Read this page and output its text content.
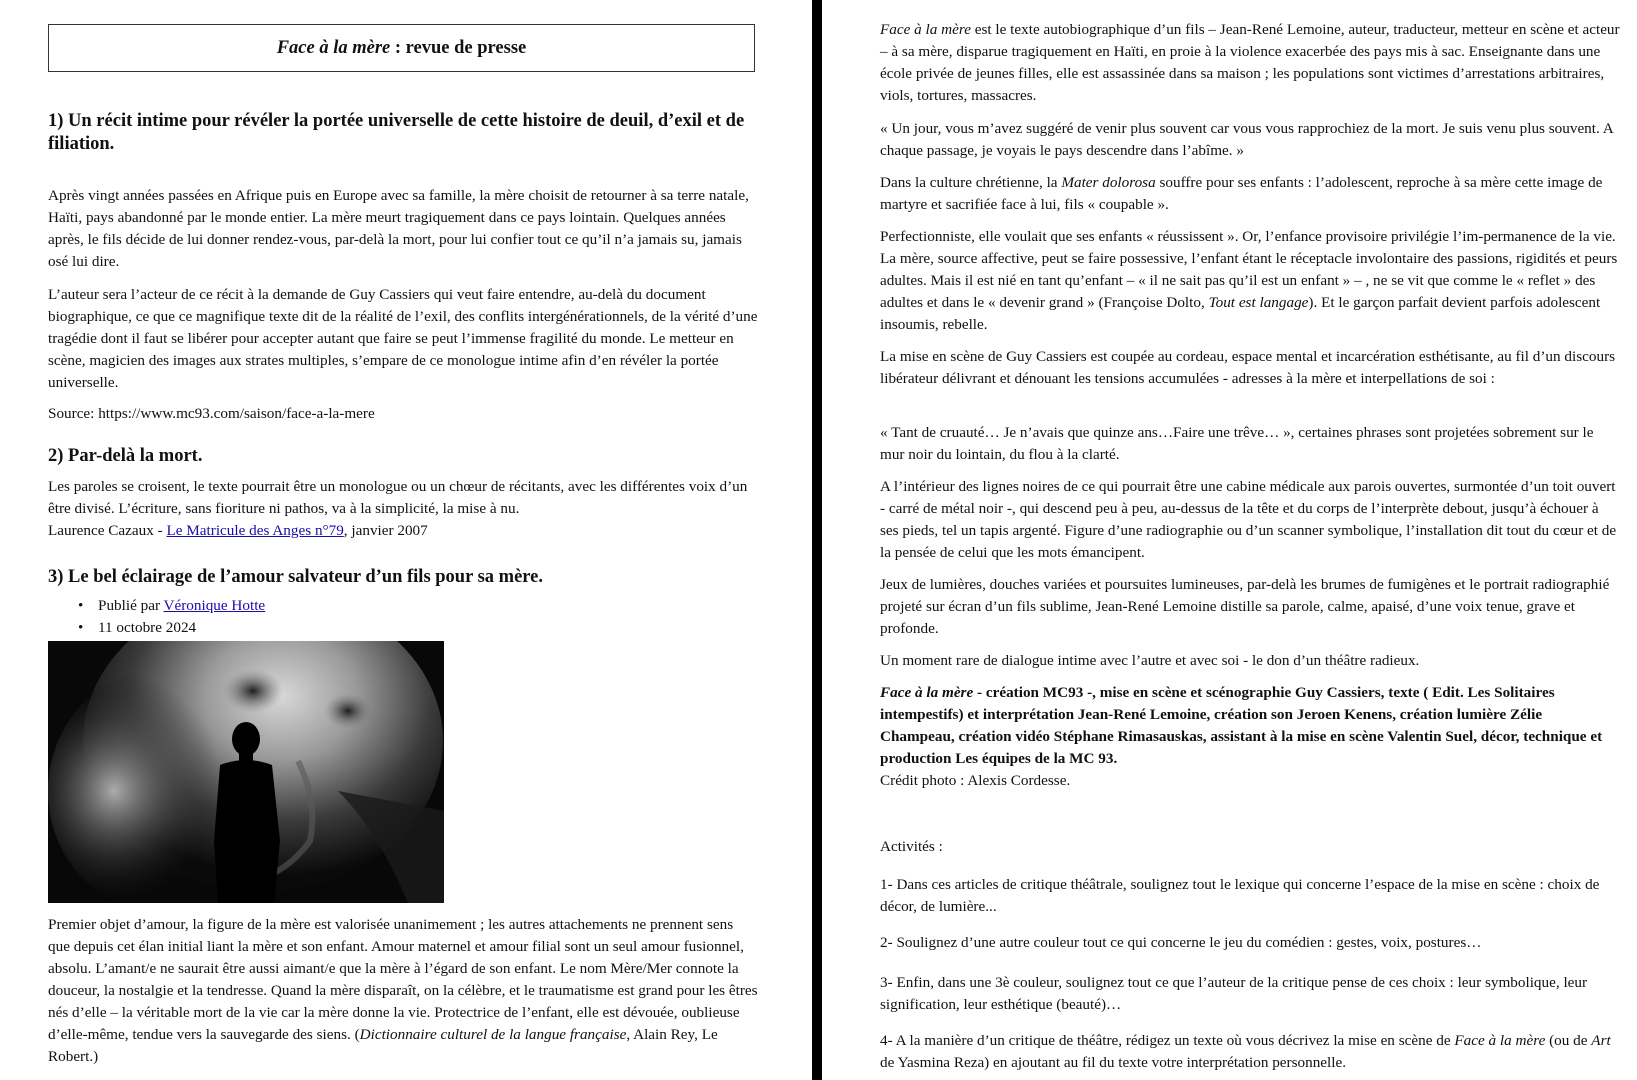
Face à la mère : revue de presse
1) Un récit intime pour révéler la portée universelle de cette histoire de deuil, d’exil et de filiation.
Après vingt années passées en Afrique puis en Europe avec sa famille, la mère choisit de retourner à sa terre natale, Haïti, pays abandonné par le monde entier. La mère meurt tragiquement dans ce pays lointain. Quelques années après, le fils décide de lui donner rendez-vous, par-delà la mort, pour lui confier tout ce qu’il n’a jamais su, jamais osé lui dire.
L’auteur sera l’acteur de ce récit à la demande de Guy Cassiers qui veut faire entendre, au-delà du document biographique, ce que ce magnifique texte dit de la réalité de l’exil, des conflits intergénérationnels, de la vérité d’une tragédie dont il faut se libérer pour accepter autant que faire se peut l’immense fragilité du monde. Le metteur en scène, magicien des images aux strates multiples, s’empare de ce monologue intime afin d’en révéler la portée universelle.
Source: https://www.mc93.com/saison/face-a-la-mere
2) Par-delà la mort.
Les paroles se croisent, le texte pourrait être un monologue ou un chœur de récitants, avec les différentes voix d’un être divisé. L’écriture, sans fioriture ni pathos, va à la simplicité, la mise à nu.
Laurence Cazaux - Le Matricule des Anges n°79, janvier 2007
3) Le bel éclairage de l’amour salvateur d’un fils pour sa mère.
• Publié par Véronique Hotte
• 11 octobre 2024
Premier objet d’amour, la figure de la mère est valorisée unanimement ; les autres attachements ne prennent sens que depuis cet élan initial liant la mère et son enfant. Amour maternel et amour filial sont un seul amour fusionnel, absolu. L’amant/e ne saurait être aussi aimant/e que la mère à l’égard de son enfant. Le nom Mère/Mer connote la douceur, la nostalgie et la tendresse. Quand la mère disparaît, on la célèbre, et le traumatisme est grand pour les êtres nés d’elle – la véritable mort de la vie car la mère donne la vie. Protectrice de l’enfant, elle est dévouée, oublieuse d’elle-même, tendue vers la sauvegarde des siens. (Dictionnaire culturel de la langue française, Alain Rey, Le Robert.)
Face à la mère est le texte autobiographique d’un fils – Jean-René Lemoine, auteur, traducteur, metteur en scène et acteur – à sa mère, disparue tragiquement en Haïti, en proie à la violence exacerbée des pays mis à sac. Enseignante dans une école privée de jeunes filles, elle est assassinée dans sa maison ; les populations sont victimes d’arrestations arbitraires, viols, tortures, massacres.
« Un jour, vous m’avez suggéré de venir plus souvent car vous vous rapprochiez de la mort. Je suis venu plus souvent. A chaque passage, je voyais le pays descendre dans l’abîme. »
Dans la culture chrétienne, la Mater dolorosa souffre pour ses enfants : l’adolescent, reproche à sa mère cette image de martyre et sacrifiée face à lui, fils « coupable ».
Perfectionniste, elle voulait que ses enfants « réussissent ». Or, l’enfance provisoire privilégie l’im-permanence de la vie. La mère, source affective, peut se faire possessive, l’enfant étant le réceptacle involontaire des passions, rigidités et peurs adultes. Mais il est nié en tant qu’enfant – « il ne sait pas qu’il est un enfant » – , ne se vit que comme le « reflet » des adultes et dans le « devenir grand » (Françoise Dolto, Tout est langage). Et le garçon parfait devient parfois adolescent insoumis, rebelle.
La mise en scène de Guy Cassiers est coupée au cordeau, espace mental et incarcération esthétisante, au fil d’un discours libérateur délivrant et dénouant les tensions accumulées - adresses à la mère et interpellations de soi :
« Tant de cruauté… Je n’avais que quinze ans…Faire une trêve… », certaines phrases sont projetées sobrement sur le mur noir du lointain, du flou à la clarté.
A l’intérieur des lignes noires de ce qui pourrait être une cabine médicale aux parois ouvertes, surmontée d’un toit ouvert - carré de métal noir -, qui descend peu à peu, au-dessus de la tête et du corps de l’interprète debout, jusqu’à échouer à ses pieds, tel un tapis argenté. Figure d’une radiographie ou d’un scanner symbolique, l’installation dit tout du cœur et de la pensée de celui que les mots émancipent.
Jeux de lumières, douches variées et poursuites lumineuses, par-delà les brumes de fumigènes et le portrait radiographié projeté sur écran d’un fils sublime, Jean-René Lemoine distille sa parole, calme, apaisé, d’une voix tenue, grave et profonde.
Un moment rare de dialogue intime avec l’autre et avec soi - le don d’un théâtre radieux.
Face à la mère - création MC93 -, mise en scène et scénographie Guy Cassiers, texte ( Edit. Les Solitaires intempestifs) et interprétation Jean-René Lemoine, création son Jeroen Kenens, création lumière Zélie Champeau, création vidéo Stéphane Rimasauskas, assistant à la mise en scène Valentin Suel, décor, technique et production Les équipes de la MC 93.
Crédit photo : Alexis Cordesse.
Activités :
1- Dans ces articles de critique théâtrale, soulignez tout le lexique qui concerne l’espace de la mise en scène : choix de décor, de lumière...
2- Soulignez d’une autre couleur tout ce qui concerne le jeu du comédien : gestes, voix, postures…
3- Enfin, dans une 3è couleur, soulignez tout ce que l’auteur de la critique pense de ces choix : leur symbolique, leur signification, leur esthétique (beauté)…
4- A la manière d’un critique de théâtre, rédigez un texte où vous décrivez la mise en scène de Face à la mère (ou de Art de Yasmina Reza) en ajoutant au fil du texte votre interprétation personnelle.
